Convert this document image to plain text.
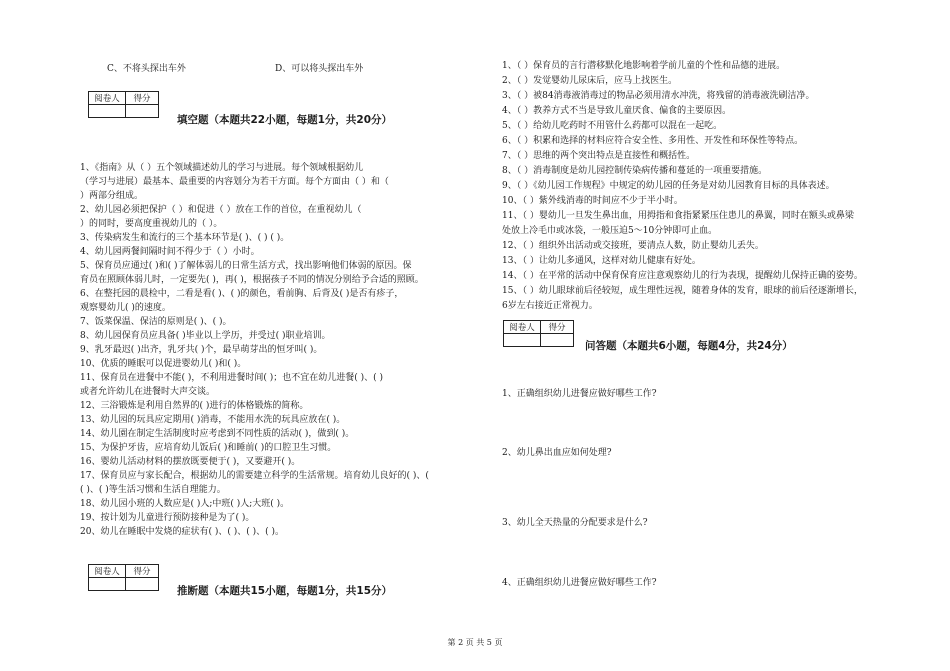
C、不将头探出车外	D、可以将头探出车外
阅卷人	得分

填空题（本题共22小题，每题1分，共20分）
1、《指南》从（ ）五个领域描述幼儿的学习与进展。每个领域根据幼儿
（学习与进展）最基本、最重要的内容划分为若干方面。每个方面由（ ）和（
）两部分组成。
2、幼儿园必须把保护（ ）和促进（ ）放在工作的首位，在重视幼儿（
）的同时，要高度重视幼儿的（ ）。
3、传染病发生和流行的三个基本环节是( )、( ) ( )。
4、幼儿园两餐间隔时间不得少于（ ）小时。
5、保育员应通过( )和( )了解体弱儿的日常生活方式，找出影响他们体弱的原因。保
育员在照顾体弱儿时，一定要先( )，再( )，根据孩子不同的情况分别给予合适的照顾。
6、在整托园的晨检中，二看是看( )、( )的颜色，看前胸、后背及( )是否有疹子，
观察婴幼儿( )的速度。
7、饭菜保温、保洁的原则是( )、( )。
8、幼儿园保育员应具备( )毕业以上学历，并受过( )职业培训。
9、乳牙最迟( )出齐，乳牙共( )个，最早萌芽出的恒牙叫( )。
10、优质的睡眠可以促进婴幼儿( )和( )。
11、保育员在进餐中不能( )，不利用进餐时间( )；也不宜在幼儿进餐( )、( )
或者允许幼儿在进餐时大声交谈。
12、三浴锻炼是利用自然界的( )进行的体格锻炼的简称。
13、幼儿园的玩具应定期用( )消毒，不能用水洗的玩具应放在( )。
14、幼儿園在制定生活制度时应考虑到不同性质的活动( )，做到( )。
15、为保护牙齿，应培育幼儿饭后( )和睡前( )的口腔卫生习惯。
16、婴幼儿活动材料的摆放既要便于( )，又要避开( )。
17、保育员应与家长配合，根据幼儿的需要建立科学的生活常规。培育幼儿良好的( )、(
( )、( )等生活习惯和生活自理能力。
18、幼儿园小班的人数应是( )人;中班( )人;大班( )。
19、按计划为儿童进行预防接种是为了( )。
20、幼儿在睡眠中发烧的症状有( )、( )、( )、( )。
阅卷人	得分

推断题（本题共15小题，每题1分，共15分）
1、（ ）保育员的言行潜移默化地影响着学前儿童的个性和品德的进展。
2、（ ）发觉婴幼儿尿床后，应马上找医生。
3、（ ）被84消毒液消毒过的物品必须用清水冲洗，将残留的消毒液洗刷洁净。
4、（ ）教养方式不当是导致儿童厌食、偏食的主要原因。
5、（ ）给幼儿吃药时不用管什么药都可以混在一起吃。
6、（ ）积累和选择的材料应符合安全性、多用性、开发性和环保性等特点。
7、（ ）思维的两个突出特点是直接性和概括性。
8、（ ）消毒制度是幼儿园控制传染病传播和蔓延的一项重要措施。
9、（ ）《幼儿园工作规程》中规定的幼儿园的任务是对幼儿园教育目标的具体表述。
10、（ ）紫外线消毒的时间应不少于半小时。
11、（ ）婴幼儿一旦发生鼻出血，用拇指和食指紧紧压住患儿的鼻翼，同时在额头或鼻梁
处放上冷毛巾或冰袋，一般压迫5～10分钟即可止血。
12、（ ）组织外出活动或交接班，要清点人数，防止婴幼儿丢失。
13、（ ）让幼儿多通风，这样对幼儿健康有好处。
14、（ ）在平常的活动中保育保育应注意观察幼儿的行为表现，提醒幼儿保持正确的姿势。
15、（ ）幼儿眼球前后径较短，成生理性远视，随着身体的发育，眼球的前后径逐渐增长，
6岁左右接近正常视力。
阅卷人	得分

问答题（本题共6小题，每题4分，共24分）
1、正确组织幼儿进餐应做好哪些工作?
2、幼儿鼻出血应如何处理?
3、幼儿全天热量的分配要求是什么?
4、正确组织幼儿进餐应做好哪些工作?
第 2 页 共 5 页
